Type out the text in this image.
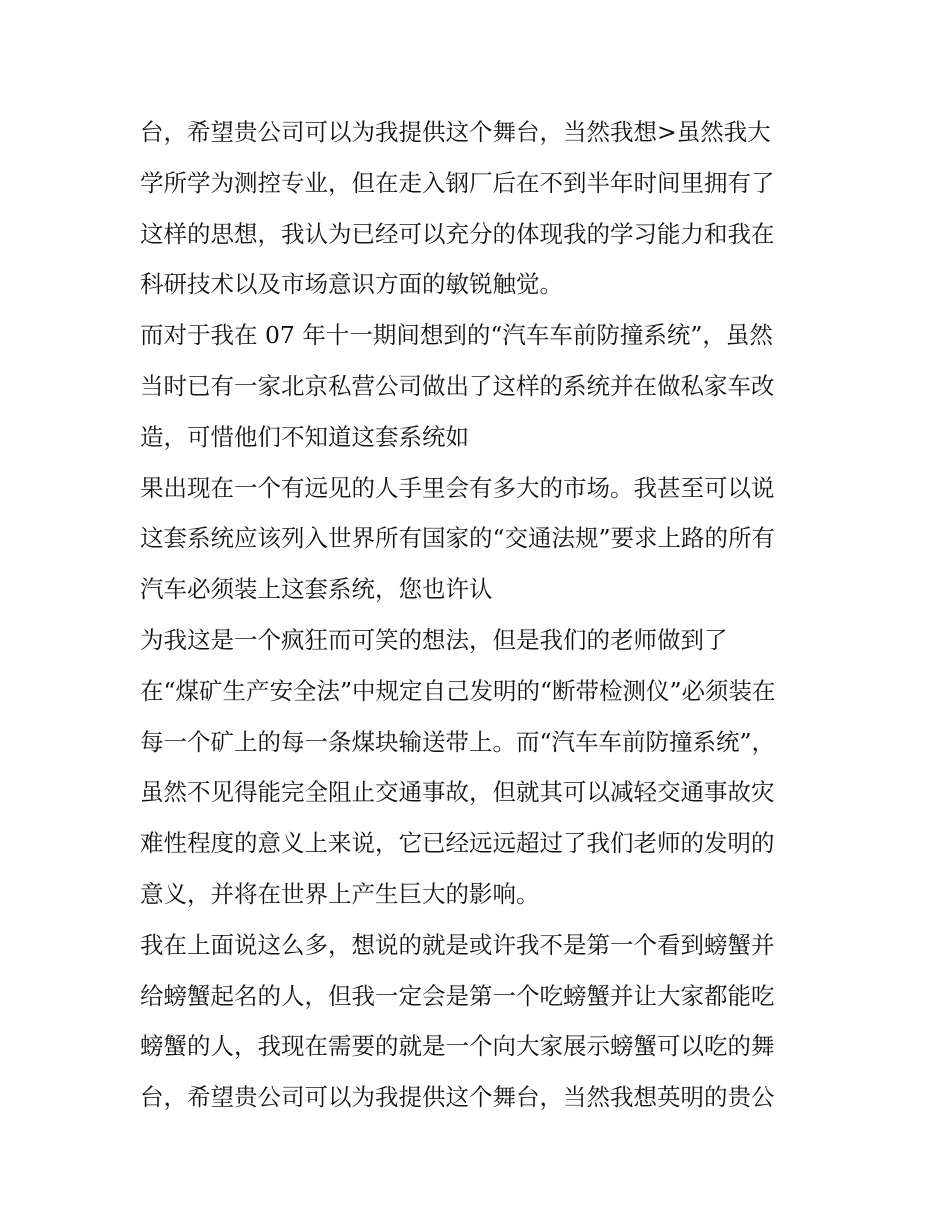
台，希望贵公司可以为我提供这个舞台，当然我想>虽然我大
学所学为测控专业，但在走入钢厂后在不到半年时间里拥有了
这样的思想，我认为已经可以充分的体现我的学习能力和我在
科研技术以及市场意识方面的敏锐触觉。
而对于我在 07 年十一期间想到的“汽车车前防撞系统”，虽然
当时已有一家北京私营公司做出了这样的系统并在做私家车改
造，可惜他们不知道这套系统如
果出现在一个有远见的人手里会有多大的市场。我甚至可以说
这套系统应该列入世界所有国家的“交通法规”要求上路的所有
汽车必须装上这套系统，您也许认
为我这是一个疯狂而可笑的想法，但是我们的老师做到了
在“煤矿生产安全法”中规定自己发明的“断带检测仪”必须装在
每一个矿上的每一条煤块输送带上。而“汽车车前防撞系统”，
虽然不见得能完全阻止交通事故，但就其可以减轻交通事故灾
难性程度的意义上来说，它已经远远超过了我们老师的发明的
意义，并将在世界上产生巨大的影响。
我在上面说这么多，想说的就是或许我不是第一个看到螃蟹并
给螃蟹起名的人，但我一定会是第一个吃螃蟹并让大家都能吃
螃蟹的人，我现在需要的就是一个向大家展示螃蟹可以吃的舞
台，希望贵公司可以为我提供这个舞台，当然我想英明的贵公
